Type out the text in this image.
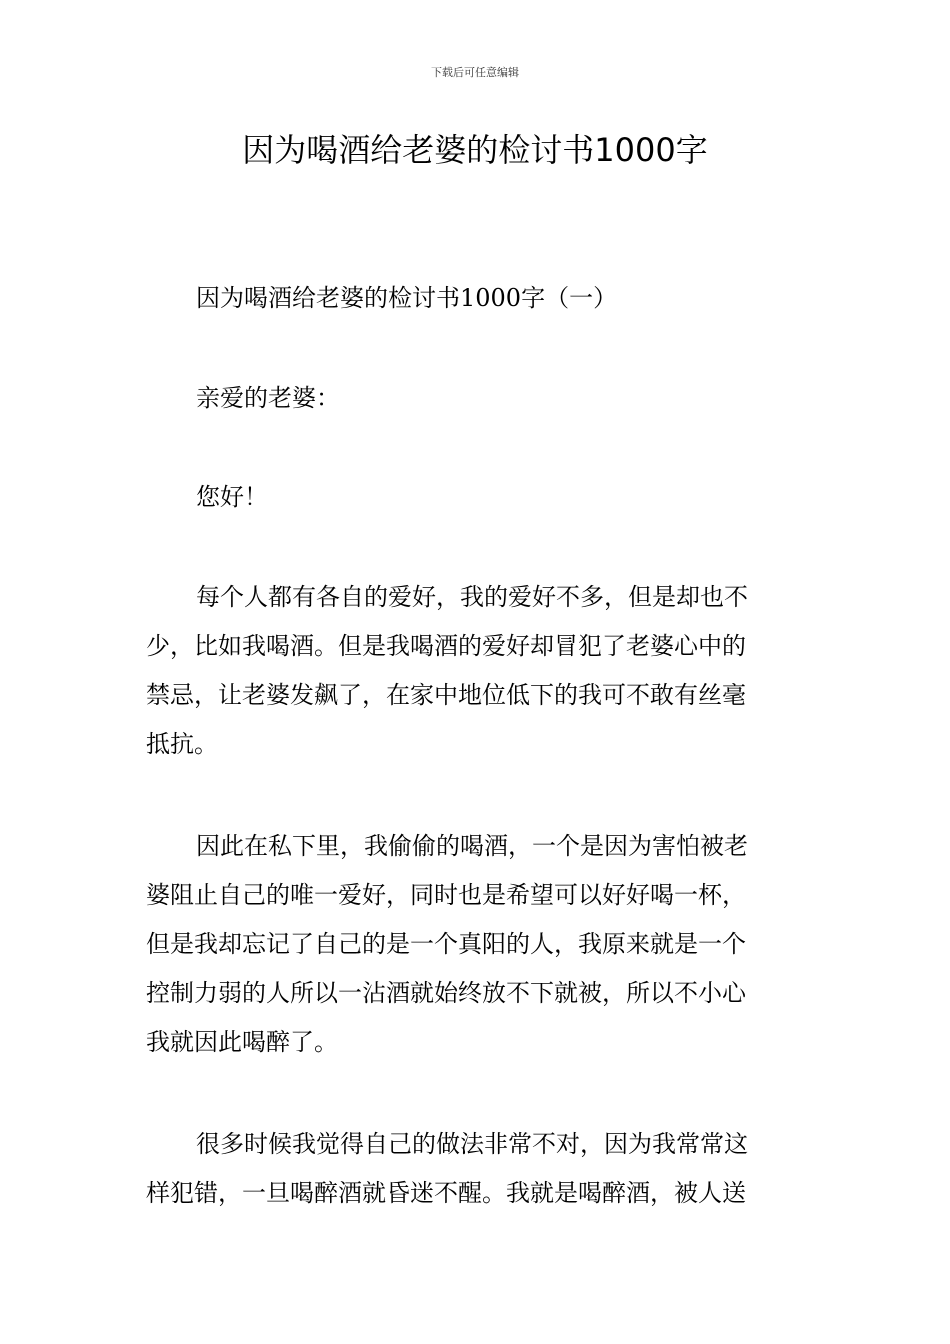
下载后可任意编辑
因为喝酒给老婆的检讨书1000字
因为喝酒给老婆的检讨书1000字（一）
亲爱的老婆：
您好！
每个人都有各自的爱好，我的爱好不多，但是却也不
少，比如我喝酒。但是我喝酒的爱好却冒犯了老婆心中的
禁忌，让老婆发飙了，在家中地位低下的我可不敢有丝毫
抵抗。
因此在私下里，我偷偷的喝酒，一个是因为害怕被老
婆阻止自己的唯一爱好，同时也是希望可以好好喝一杯，
但是我却忘记了自己的是一个真阳的人，我原来就是一个
控制力弱的人所以一沾酒就始终放不下就被，所以不小心
我就因此喝醉了。
很多时候我觉得自己的做法非常不对，因为我常常这
样犯错，一旦喝醉酒就昏迷不醒。我就是喝醉酒，被人送
